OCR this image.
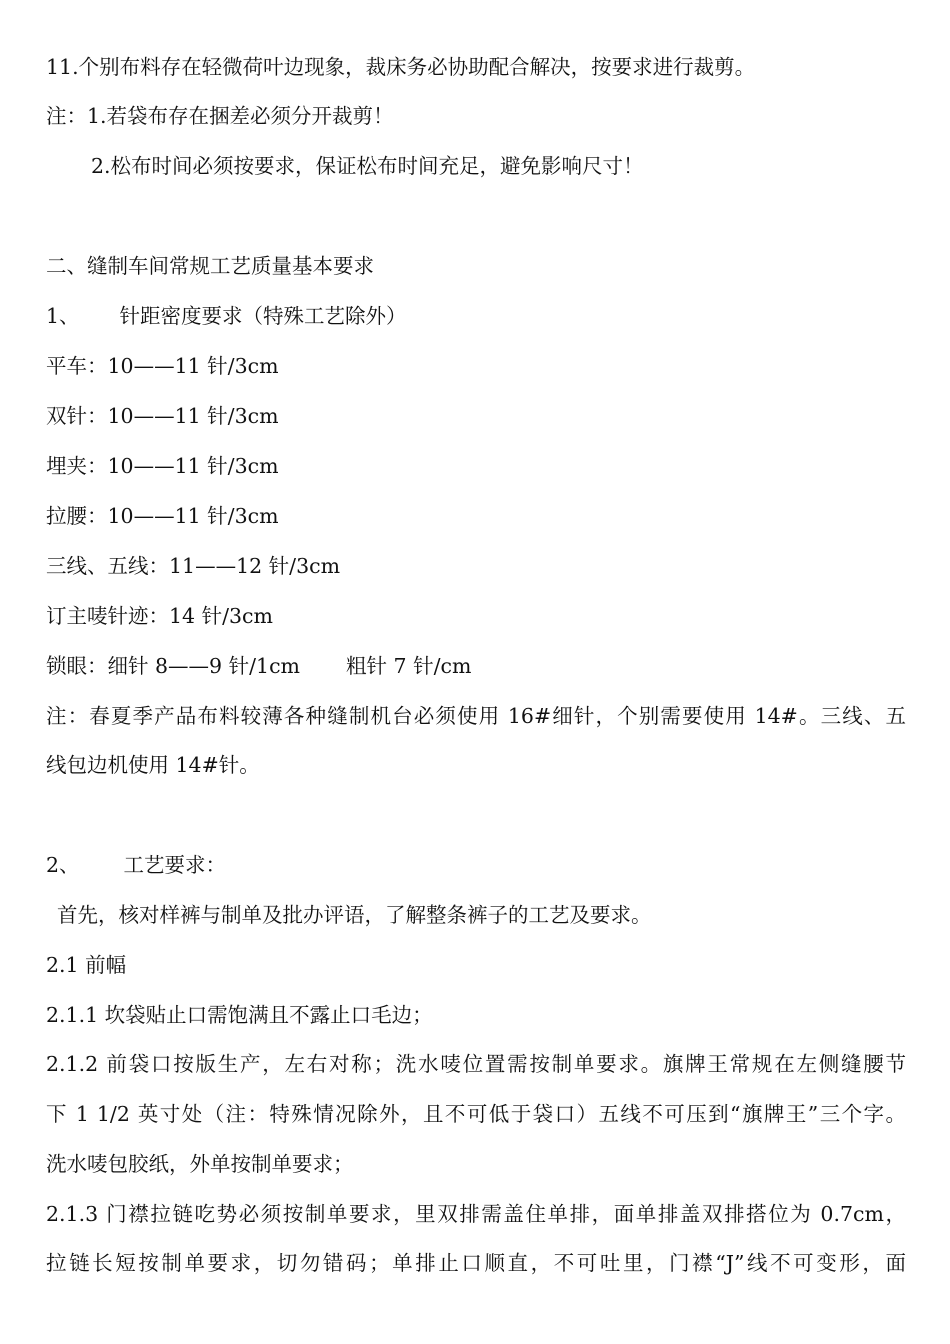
11.个别布料存在轻微荷叶边现象，裁床务必协助配合解决，按要求进行裁剪。
注：1.若袋布存在捆差必须分开裁剪！
2.松布时间必须按要求，保证松布时间充足，避免影响尺寸！
二、缝制车间常规工艺质量基本要求
1、 针距密度要求（特殊工艺除外）
平车：10——11 针/3cm
双针：10——11 针/3cm
埋夹：10——11 针/3cm
拉腰：10——11 针/3cm
三线、五线：11——12 针/3cm
订主唛针迹：14 针/3cm
锁眼：细针 8——9 针/1cm 粗针 7 针/cm
注：春夏季产品布料较薄各种缝制机台必须使用 16#细针，个别需要使用 14#。三线、五
线包边机使用 14#针。
2、 工艺要求：
首先，核对样裤与制单及批办评语，了解整条裤子的工艺及要求。
2.1 前幅
2.1.1 坎袋贴止口需饱满且不露止口毛边；
2.1.2 前袋口按版生产，左右对称；洗水唛位置需按制单要求。旗牌王常规在左侧缝腰节
下 1 1/2 英寸处（注：特殊情况除外，且不可低于袋口）五线不可压到“旗牌王”三个字。
洗水唛包胶纸，外单按制单要求；
2.1.3 门襟拉链吃势必须按制单要求，里双排需盖住单排，面单排盖双排搭位为 0.7cm，
拉链长短按制单要求，切勿错码；单排止口顺直，不可吐里，门襟“J”线不可变形，面
